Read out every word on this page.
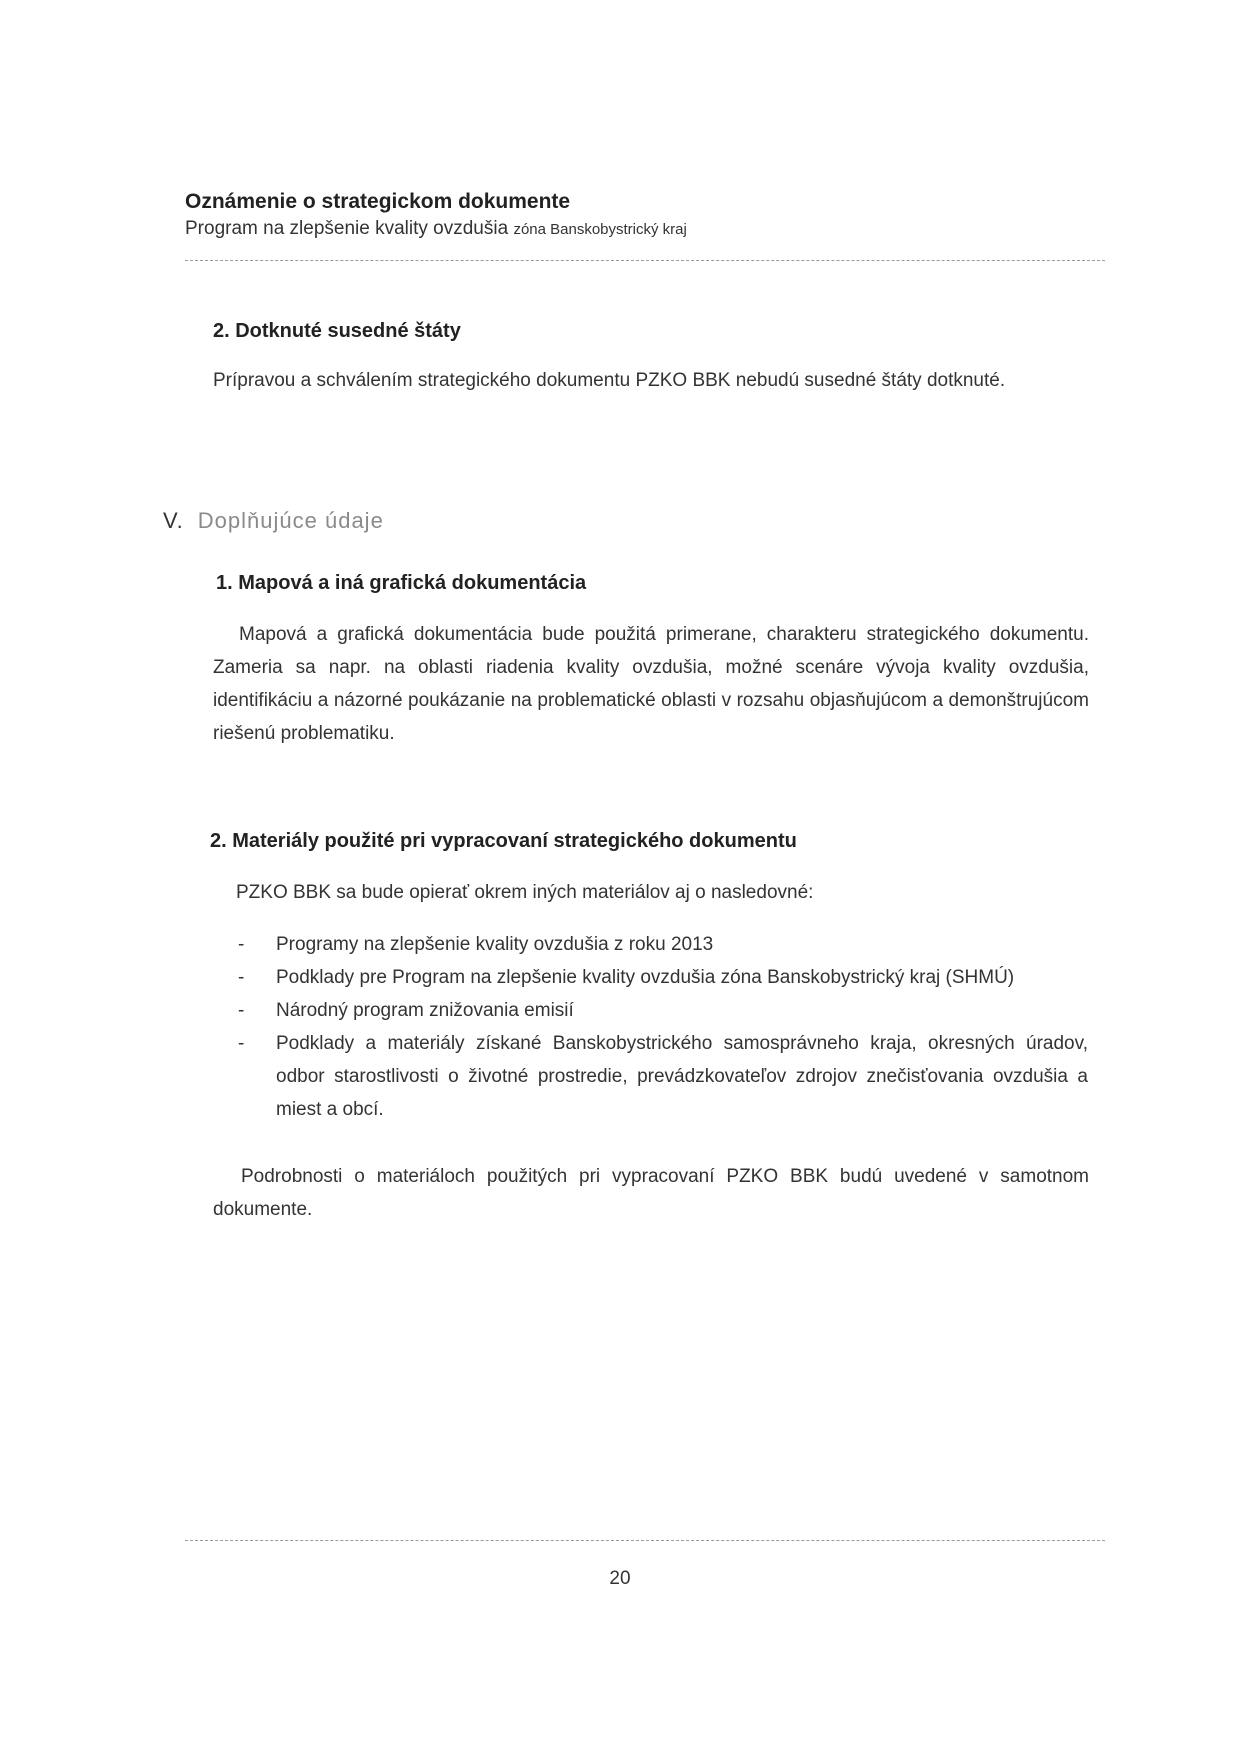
Oznámenie o strategickom dokumente
Program na zlepšenie kvality ovzdušia zóna Banskobystrický kraj
2. Dotknuté susedné štáty
Prípravou a schválením strategického dokumentu PZKO BBK nebudú susedné štáty dotknuté.
V. Doplňujúce údaje
1. Mapová a iná grafická dokumentácia
Mapová a grafická dokumentácia bude použitá primerane, charakteru strategického dokumentu. Zameria sa napr. na oblasti riadenia kvality ovzdušia, možné scenáre vývoja kvality ovzdušia, identifikáciu a názorné poukázanie na problematické oblasti v rozsahu objasňujúcom a demonštrujúcom riešenú problematiku.
2. Materiály použité pri vypracovaní strategického dokumentu
PZKO BBK sa bude opierať okrem iných materiálov aj o nasledovné:
- Programy na zlepšenie kvality ovzdušia z roku 2013
- Podklady pre Program na zlepšenie kvality ovzdušia zóna Banskobystrický kraj (SHMÚ)
- Národný program znižovania emisií
- Podklady a materiály získané Banskobystrického samosprávneho kraja, okresných úradov, odbor starostlivosti o životné prostredie, prevádzkovateľov zdrojov znečisťovania ovzdušia a miest a obcí.
Podrobnosti o materiáloch použitých pri vypracovaní PZKO BBK budú uvedené v samotnom dokumente.
20
